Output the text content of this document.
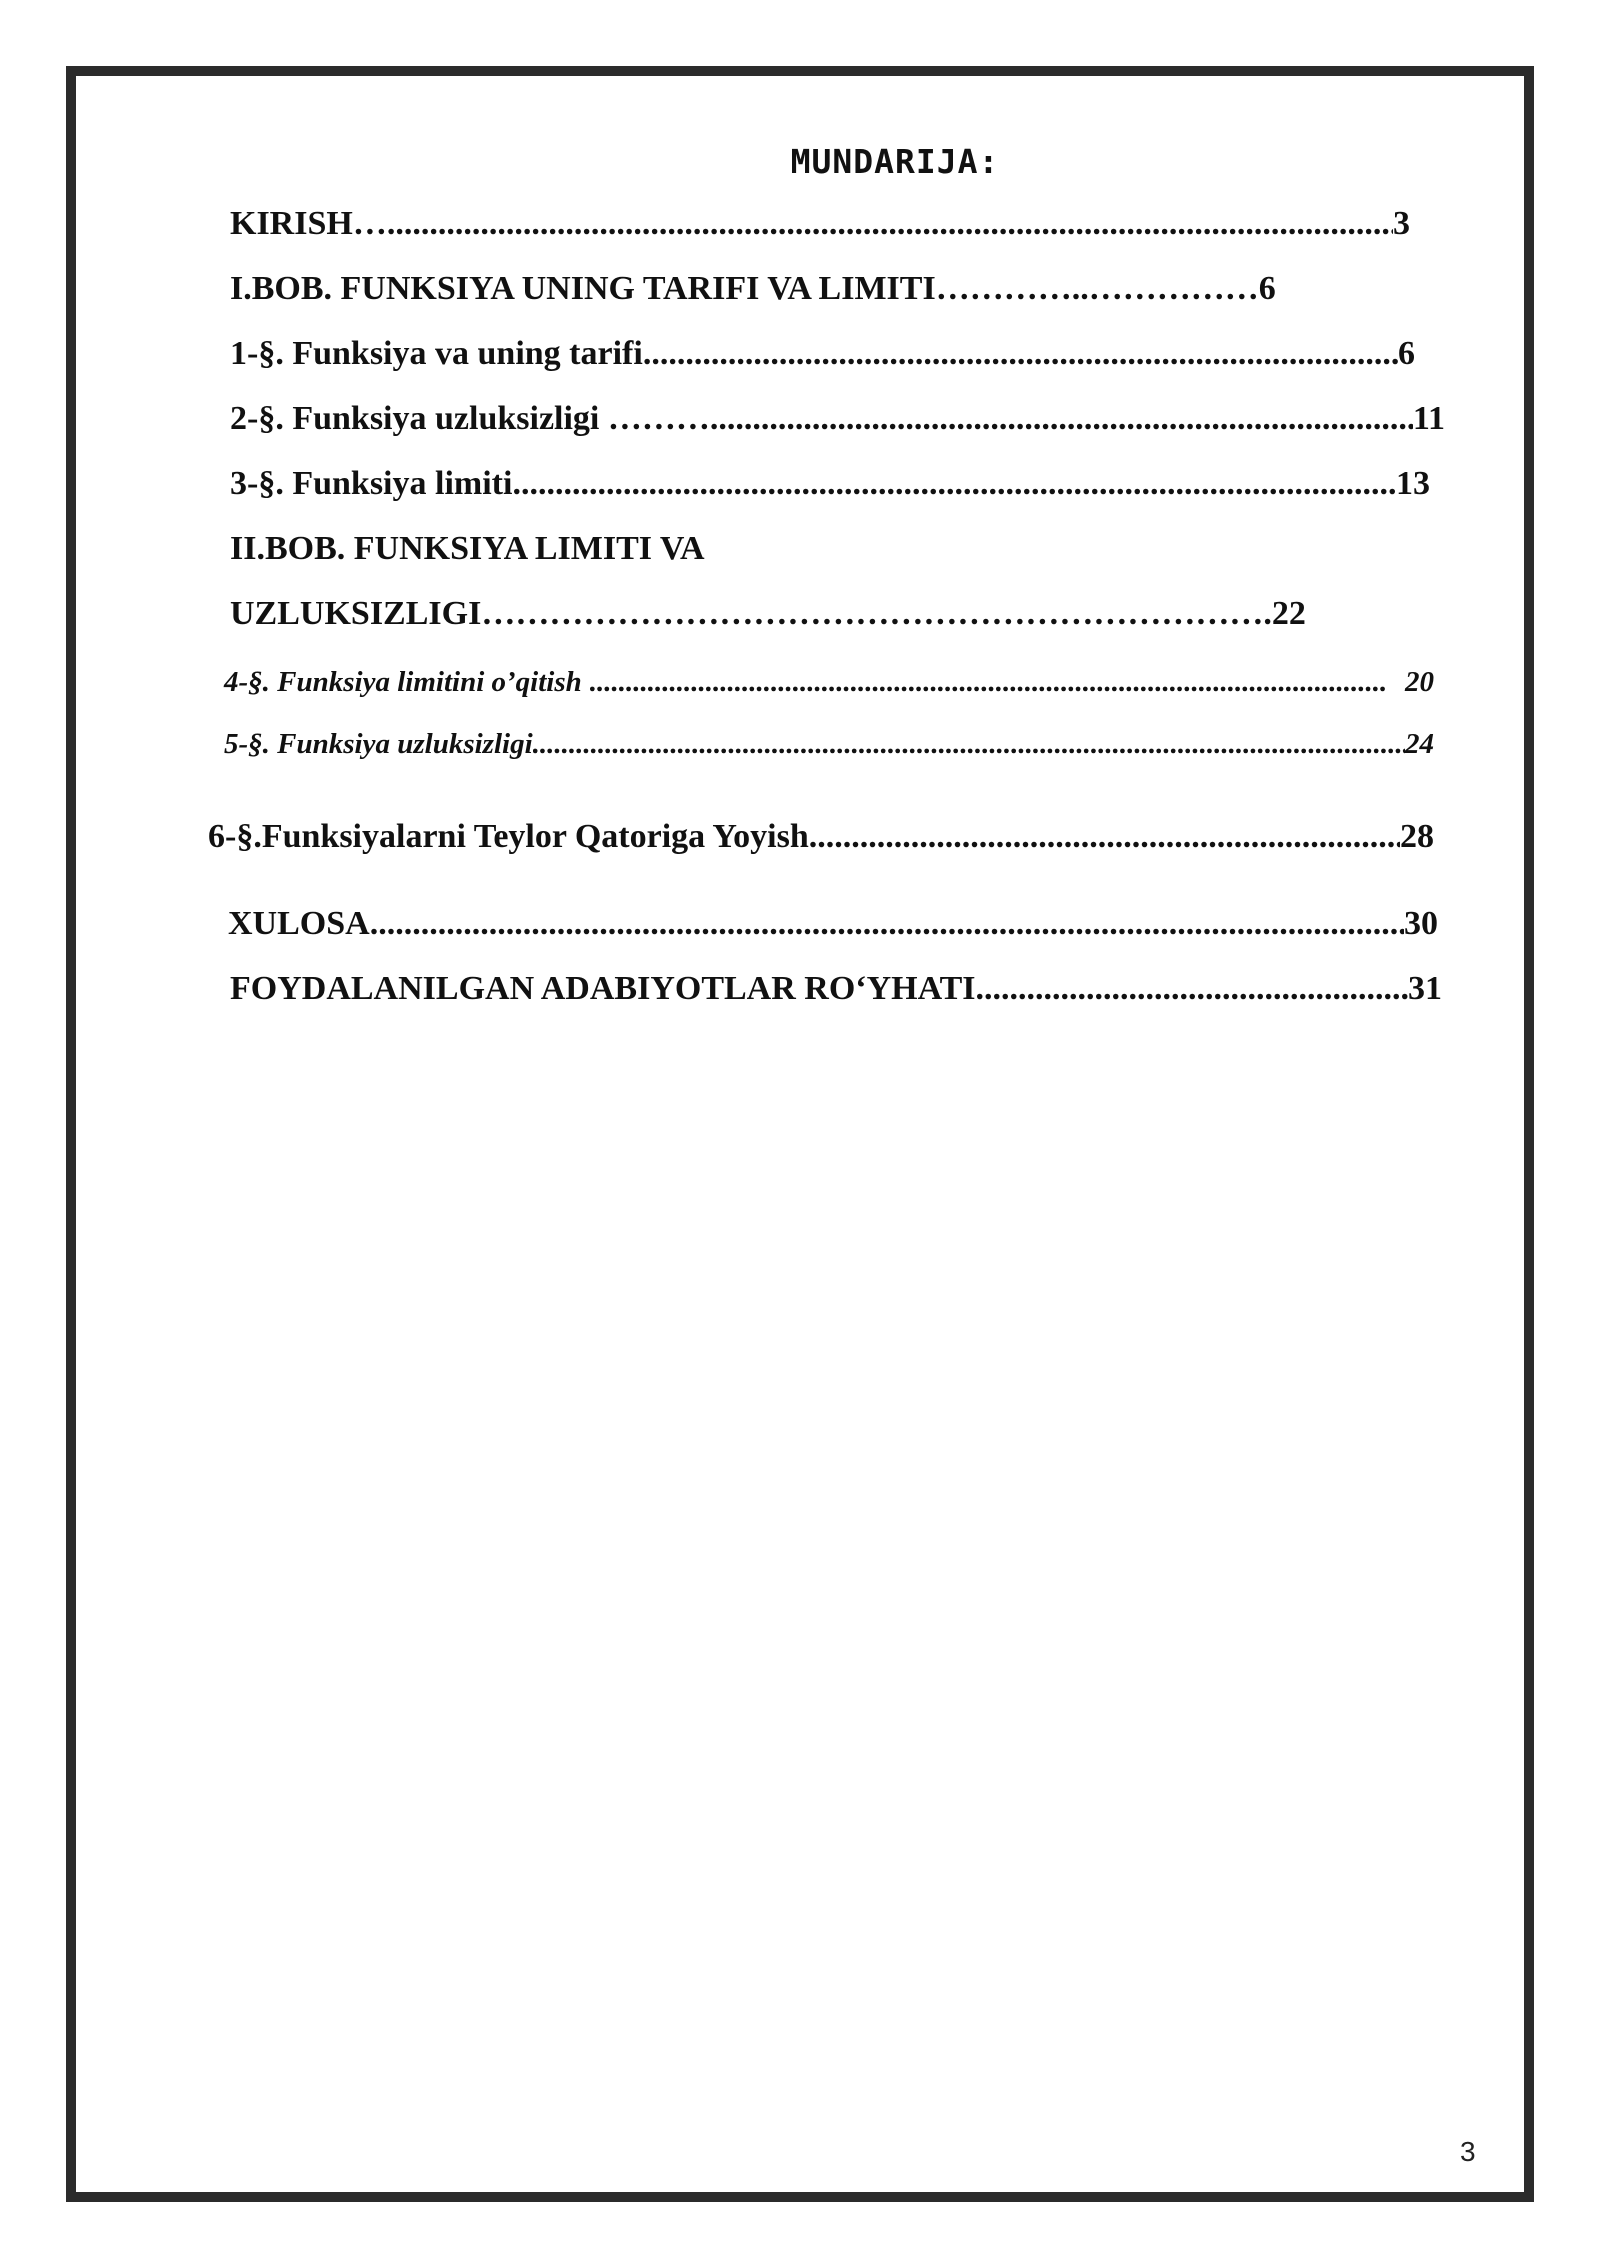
MUNDARIJA:
KIRISH… .....	3
I.BOB. FUNKSIYA UNING TARIFI VA LIMITI…………..…………… 6
1-§. Funksiya va uning tarifi .....	6
2-§. Funksiya uzluksizligi ……… .....	11
3-§. Funksiya limiti .....	13
II.BOB. FUNKSIYA LIMITI VA
UZLUKSIZLIGI……………………………………………………………. 22
4-§. Funksiya limitini o’qitish .....	20
5-§. Funksiya uzluksizligi .....	24
6-§.Funksiyalarni Teylor Qatoriga Yoyish .....	28
XULOSA .....	30
FOYDALANILGAN ADABIYOTLAR RO‘YHATI .....	31
3
